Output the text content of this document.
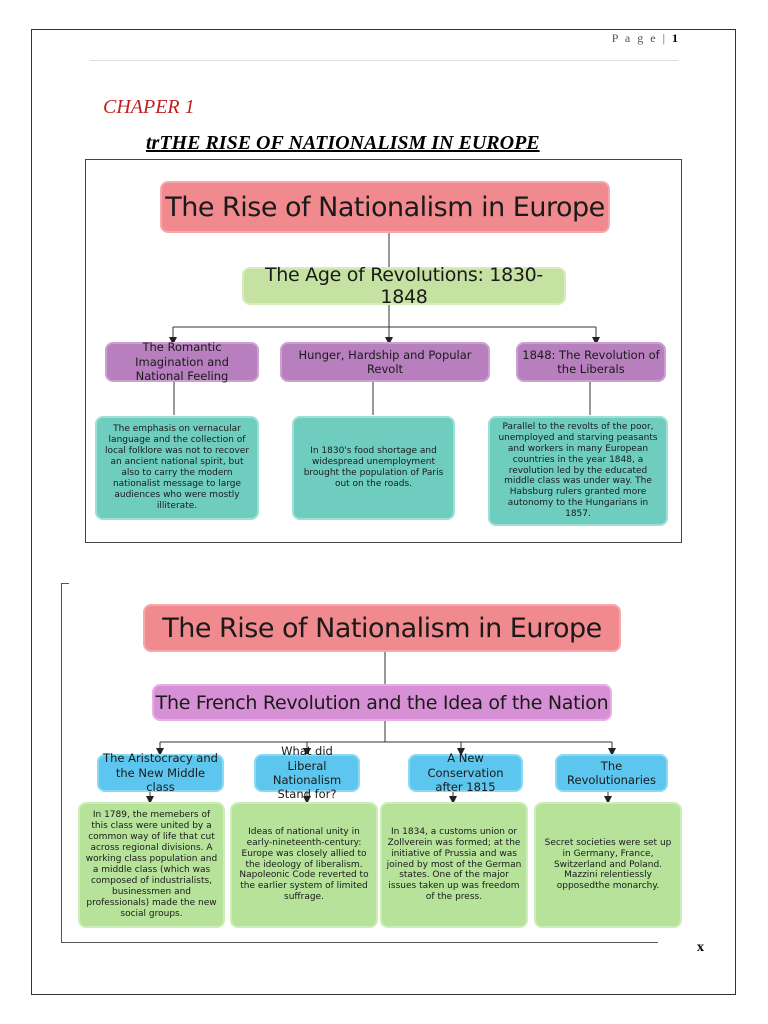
P a g e | 1
CHAPER 1
trTHE RISE OF NATIONALISM IN EUROPE
The Rise of Nationalism in Europe
The Age of Revolutions: 1830-1848
The Romantic Imagination and National Feeling
Hunger, Hardship and Popular Revolt
1848: The Revolution of the Liberals
The emphasis on vernacular language and the collection of local folklore was not to recover an ancient national spirit, but also to carry the modern nationalist message to large audiences who were mostly illiterate.
In 1830's food shortage and widespread unemployment brought the population of Paris out on the roads.
Parallel to the revolts of the poor, unemployed and starving peasants and workers in many European countries in the year 1848, a revolution led by the educated middle class was under way. The Habsburg rulers granted more autonomy to the Hungarians in 1857.
The Rise of Nationalism in Europe
The French Revolution and the Idea of the Nation
The Aristocracy and the New Middle class
What did Liberal Nationalism Stand for?
A New Conservation after 1815
The Revolutionaries
In 1789, the memebers of this class were united by a common way of life that cut across regional divisions. A working class population and a middle class (which was composed of industrialists, businessmen and professionals) made the new social groups.
Ideas of national unity in early-nineteenth-century: Europe was closely allied to the ideology of liberalism. Napoleonic Code reverted to the earlier system of limited suffrage.
In 1834, a customs union or Zollverein was formed; at the initiative of Prussia and was joined by most of the German states. One of the major issues taken up was freedom of the press.
Secret societies were set up in Germany, France, Switzerland and Poland. Mazzini relentiessly opposedthe monarchy.
x
